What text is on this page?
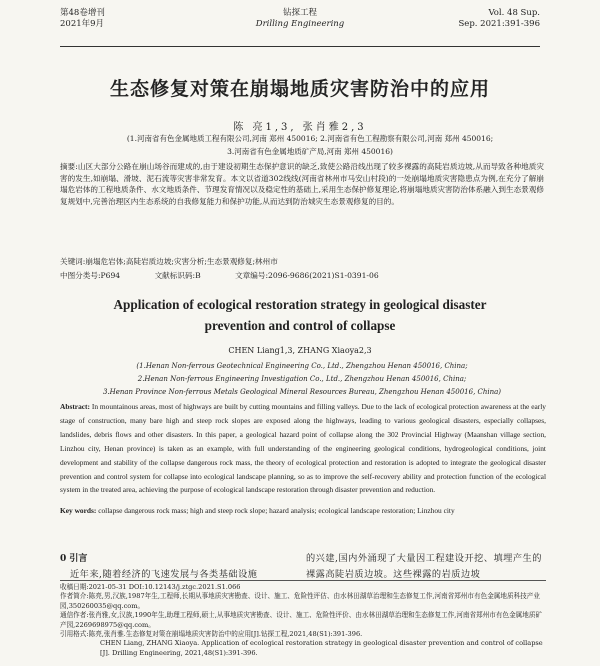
第48卷增刊
2021年9月
钻探工程
Drilling Engineering
Vol. 48 Sup.
Sep. 2021:391-396
生态修复对策在崩塌地质灾害防治中的应用
陈 亮1,3, 张肖雅2,3
(1.河南省有色金属地质工程有限公司,河南 郑州 450016; 2.河南省有色工程勘察有限公司,河南 郑州 450016;
3.河南省有色金属地质矿产局,河南 郑州 450016)
摘要:山区大部分公路在崩山场谷而建成的,由于建设初期生态保护意识的缺乏,致使公路沿线出现了较多裸露的高陡岩质边坡,从而导致各种地质灾害的发生,如崩塌、滑坡、泥石流等灾害非常发育。本文以省道302线线(河南省林州市马安山村段)的一处崩塌地质灾害隐患点为例,在充分了解崩塌危岩体的工程地质条件、水文地质条件、节理发育情况以及稳定性的基础上,采用生态保护修复理论,将崩塌地质灾害防治体系融入到生态景观修复规划中,完善治理区内生态系统的自我修复能力和保护功能,从而达到防治城灾生态景观修复的目的。
关键词:崩塌危岩体;高陡岩质边坡;灾害分析;生态景观修复;林州市
中图分类号:P694	文献标识码:B	文章编号:2096-9686(2021)S1-0391-06
Application of ecological restoration strategy in geological disaster
prevention and control of collapse
CHEN Liang1,3, ZHANG Xiaoya2,3
(1.Henan Non-ferrous Geotechnical Engineering Co., Ltd., Zhengzhou Henan 450016, China;
2.Henan Non-ferrous Engineering Investigation Co., Ltd., Zhengzhou Henan 450016, China;
3.Henan Province Non-ferrous Metals Geological Mineral Resources Bureau, Zhengzhou Henan 450016, China)
Abstract: In mountainous areas, most of highways are built by cutting mountains and filling valleys. Due to the lack of ecological protection awareness at the early stage of construction, many bare high and steep rock slopes are exposed along the highways, leading to various geological disasters, especially collapses, landslides, debris flows and other disasters. In this paper, a geological hazard point of collapse along the 302 Provincial Highway (Maanshan village section, Linzhou city, Henan province) is taken as an example, with full understanding of the engineering geological conditions, hydrogeological conditions, joint development and stability of the collapse dangerous rock mass, the theory of ecological protection and restoration is adopted to integrate the geological disaster prevention and control system for collapse into ecological landscape planning, so as to improve the self-recovery ability and protection function of the ecological system in the treated area, achieving the purpose of ecological landscape restoration through disaster prevention and reduction.
Key words: collapse dangerous rock mass; high and steep rock slope; hazard analysis; ecological landscape restoration; Linzhou city
0 引言
近年来,随着经济的飞速发展与各类基础设施
的兴建,国内外涌现了大量因工程建设开挖、填埋产生的裸露高陡岩质边坡。这些裸露的岩质边坡
收稿日期:2021-05-31 DOI:10.12143/j.ztgc.2021.S1.066
作者简介:陈亮,男,汉族,1987年生,工程师,长期从事地质灾害勘查、设计、施工、危险性评估、由水林田湖草治理和生态修复工作,河南省郑州市有色金属地质科技产业园,350260035@qq.com。
通信作者:张肖雅,女,汉族,1990年生,助理工程师,硕士,从事地质灾害勘查、设计、施工、危险性评价、由水林田湖草治理和生态修复工作,河南省郑州市有色金属地质矿产园,2269698975@qq.com。
引用格式:陈亮,张肖雅.生态修复对策在崩塌地质灾害防治中的应用[J].钻探工程,2021,48(S1):391-396.
CHEN Liang, ZHANG Xiaoya. Application of ecological restoration strategy in geological disaster prevention and control of collapse
[J]. Drilling Engineering, 2021,48(S1):391-396.
